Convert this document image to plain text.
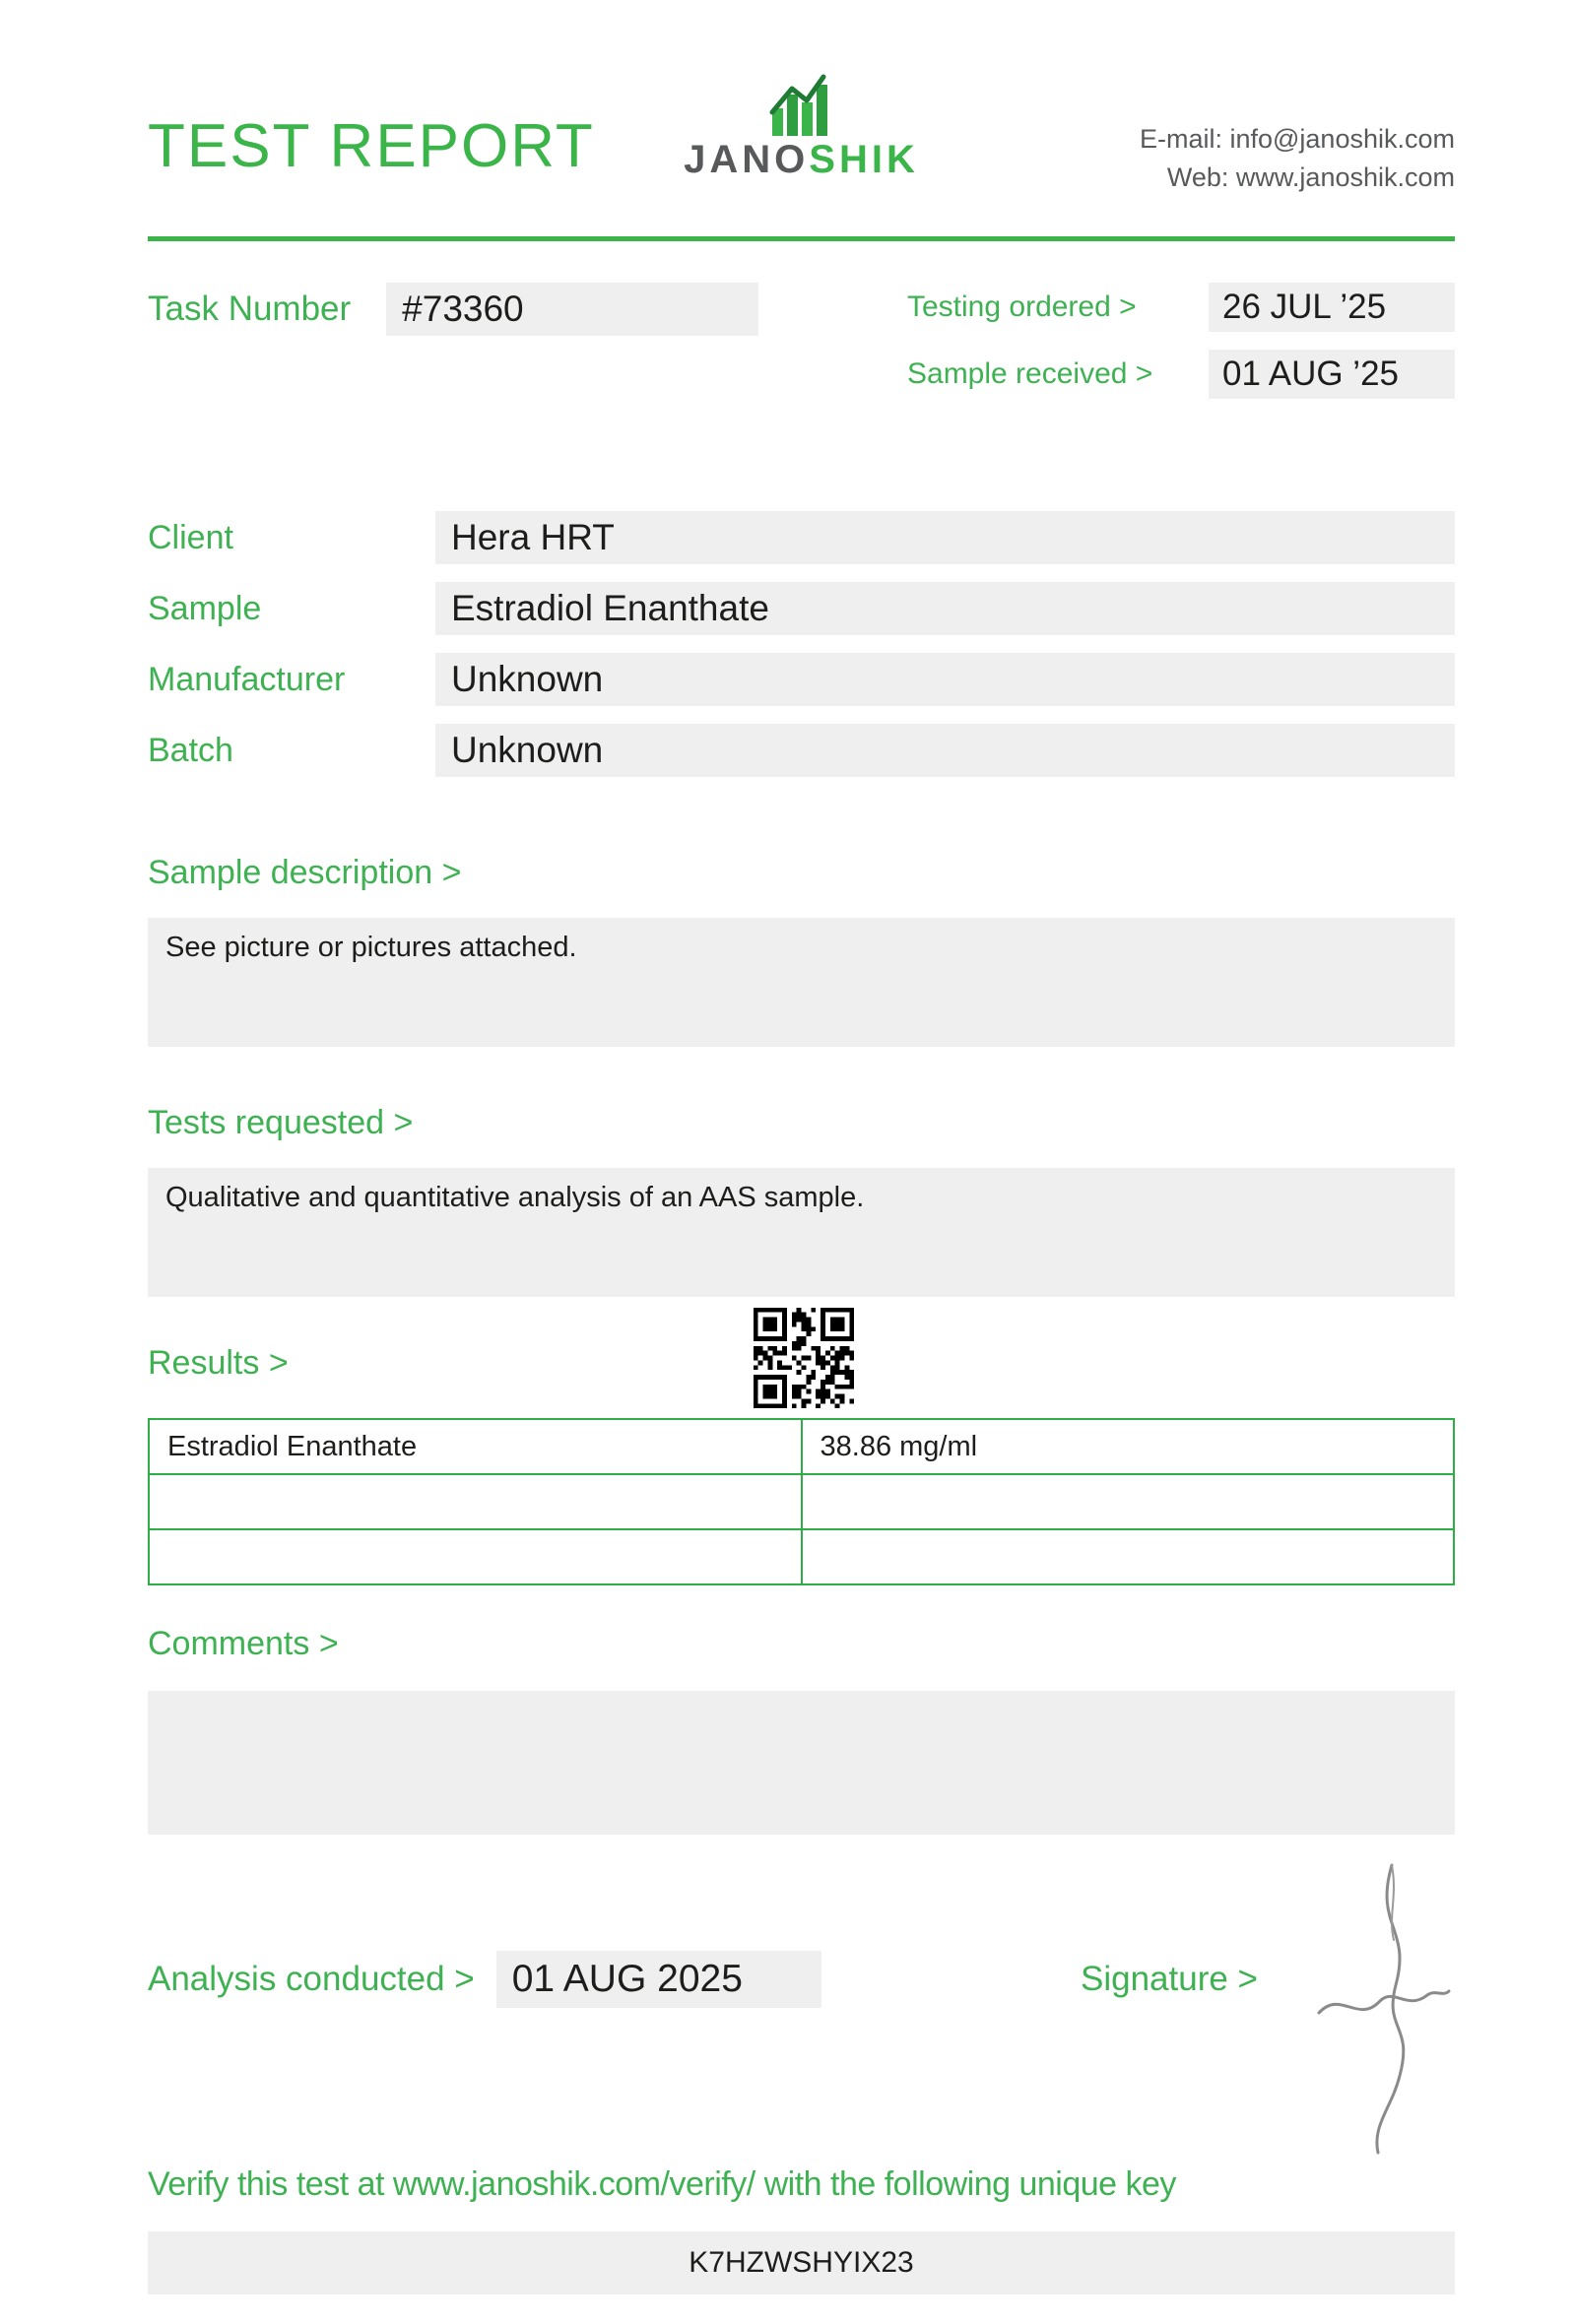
TEST REPORT	JANOSHIK	E-mail: info@janoshik.com
Web: www.janoshik.com
Task Number	#73360	Testing ordered >	26 JUL ’25
Sample received >	01 AUG ’25
Client	Hera HRT
Sample	Estradiol Enanthate
Manufacturer	Unknown
Batch	Unknown
Sample description >
See picture or pictures attached.
Tests requested >
Qualitative and quantitative analysis of an AAS sample.
Results >
Estradiol Enanthate	38.86 mg/ml

Comments >
Analysis conducted > 01 AUG 2025	Signature >
Verify this test at www.janoshik.com/verify/ with the following unique key
K7HZWSHYIX23
